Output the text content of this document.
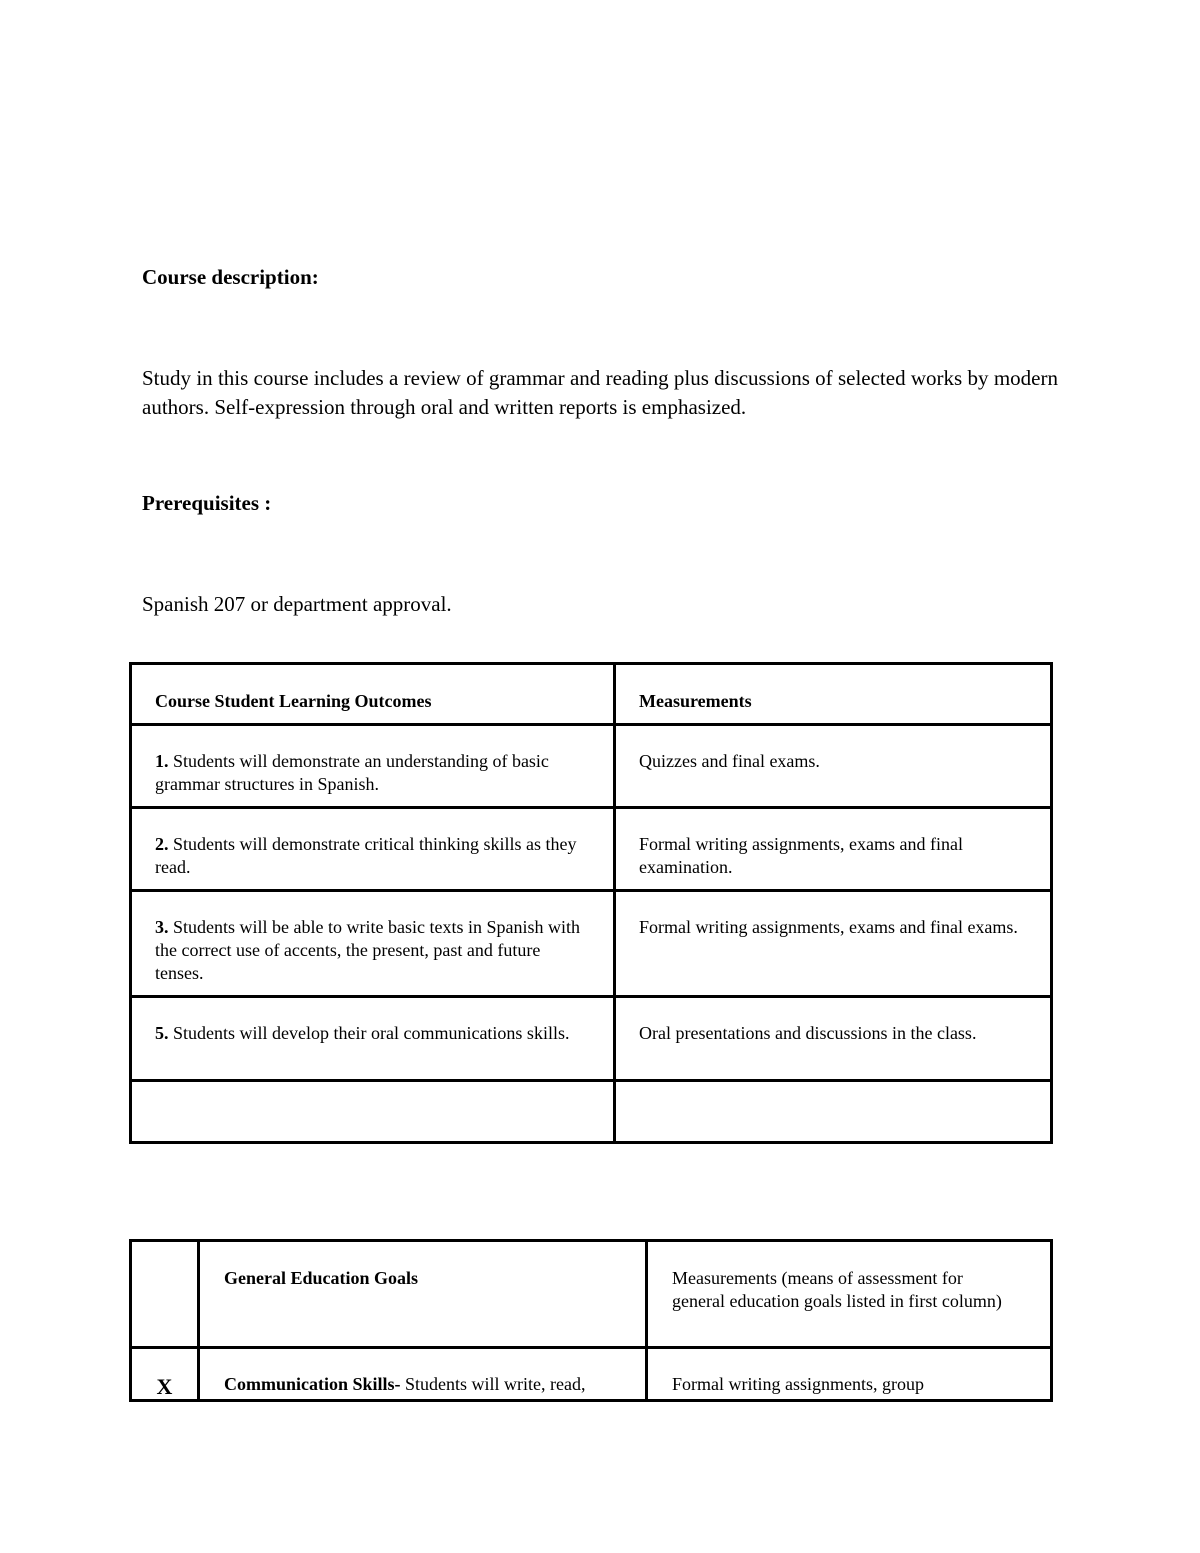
Course description:

Study in this course includes a review of grammar and reading plus discussions of selected works by modern authors. Self-expression through oral and written reports is emphasized.

Prerequisites :

Spanish 207 or department approval.

Course Student Learning Outcomes	Measurements

1. Students will demonstrate an understanding of basic grammar structures in Spanish.	Quizzes and final exams.

2. Students will demonstrate critical thinking skills as they read.	Formal writing assignments, exams and final examination.

3. Students will be able to write basic texts in Spanish with the correct use of accents, the present, past and future tenses.	Formal writing assignments, exams and final exams.

5. Students will develop their oral communications skills.	Oral presentations and discussions in the class.

	General Education Goals	Measurements (means of assessment for general education goals listed in first column)

X	Communication Skills- Students will write, read,	Formal writing assignments, group
